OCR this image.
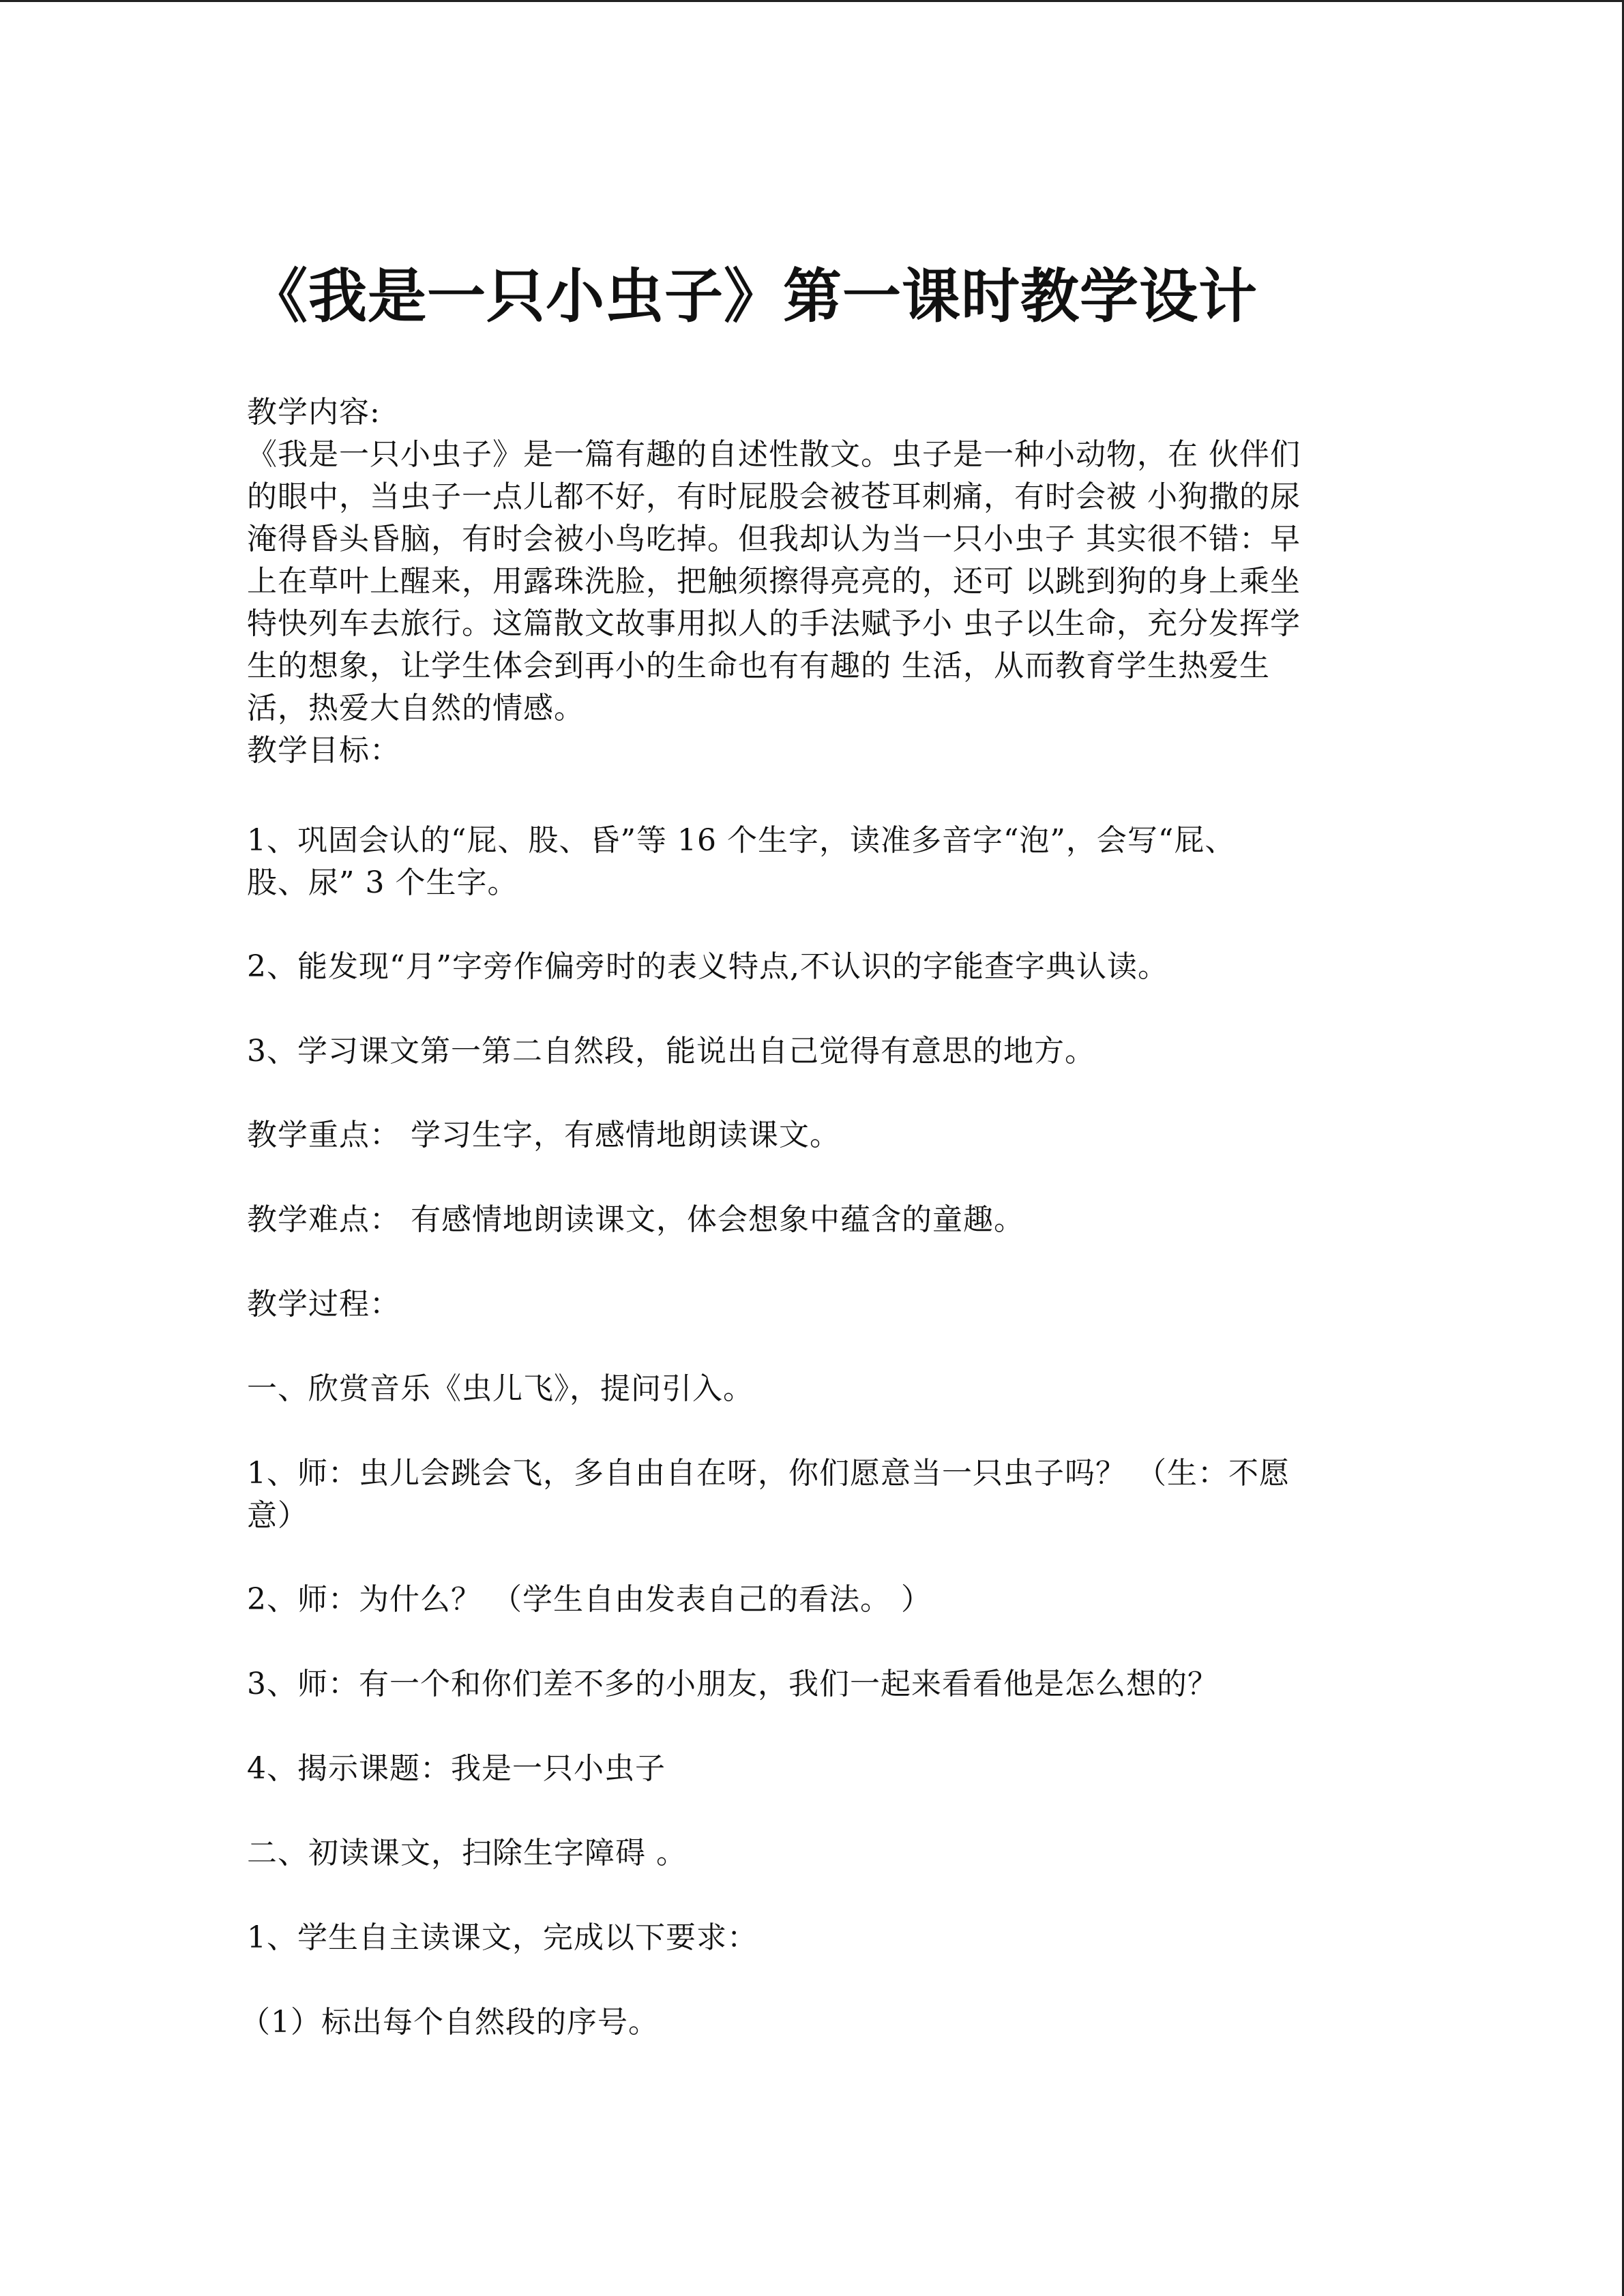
《我是一只小虫子》第一课时教学设计

教学内容:

《我是一只小虫子》是一篇有趣的自述性散文。虫子是一种小动物，在 伙伴们
的眼中，当虫子一点儿都不好，有时屁股会被苍耳刺痛，有时会被 小狗撒的尿
淹得昏头昏脑，有时会被小鸟吃掉。但我却认为当一只小虫子 其实很不错：早
上在草叶上醒来，用露珠洗脸，把触须擦得亮亮的，还可 以跳到狗的身上乘坐
特快列车去旅行。这篇散文故事用拟人的手法赋予小 虫子以生命，充分发挥学
生的想象，让学生体会到再小的生命也有有趣的 生活，从而教育学生热爱生
活，热爱大自然的情感。

教学目标：

1、巩固会认的“屁、股、昏”等 16 个生字，读准多音字“泡”，会写“屁、
股、尿” 3 个生字。

2、能发现“月”字旁作偏旁时的表义特点,不认识的字能查字典认读。

3、学习课文第一第二自然段，能说出自己觉得有意思的地方。

教学重点： 学习生字，有感情地朗读课文。

教学难点： 有感情地朗读课文，体会想象中蕴含的童趣。

教学过程：

一、欣赏音乐《虫儿飞》，提问引入。

1、师：虫儿会跳会飞，多自由自在呀，你们愿意当一只虫子吗？ （生：不愿
意）

2、师：为什么？ （学生自由发表自己的看法。 ）

3、师：有一个和你们差不多的小朋友，我们一起来看看他是怎么想的？

4、揭示课题：我是一只小虫子

二、初读课文，扫除生字障碍 。

1、学生自主读课文，完成以下要求：

（1）标出每个自然段的序号。
